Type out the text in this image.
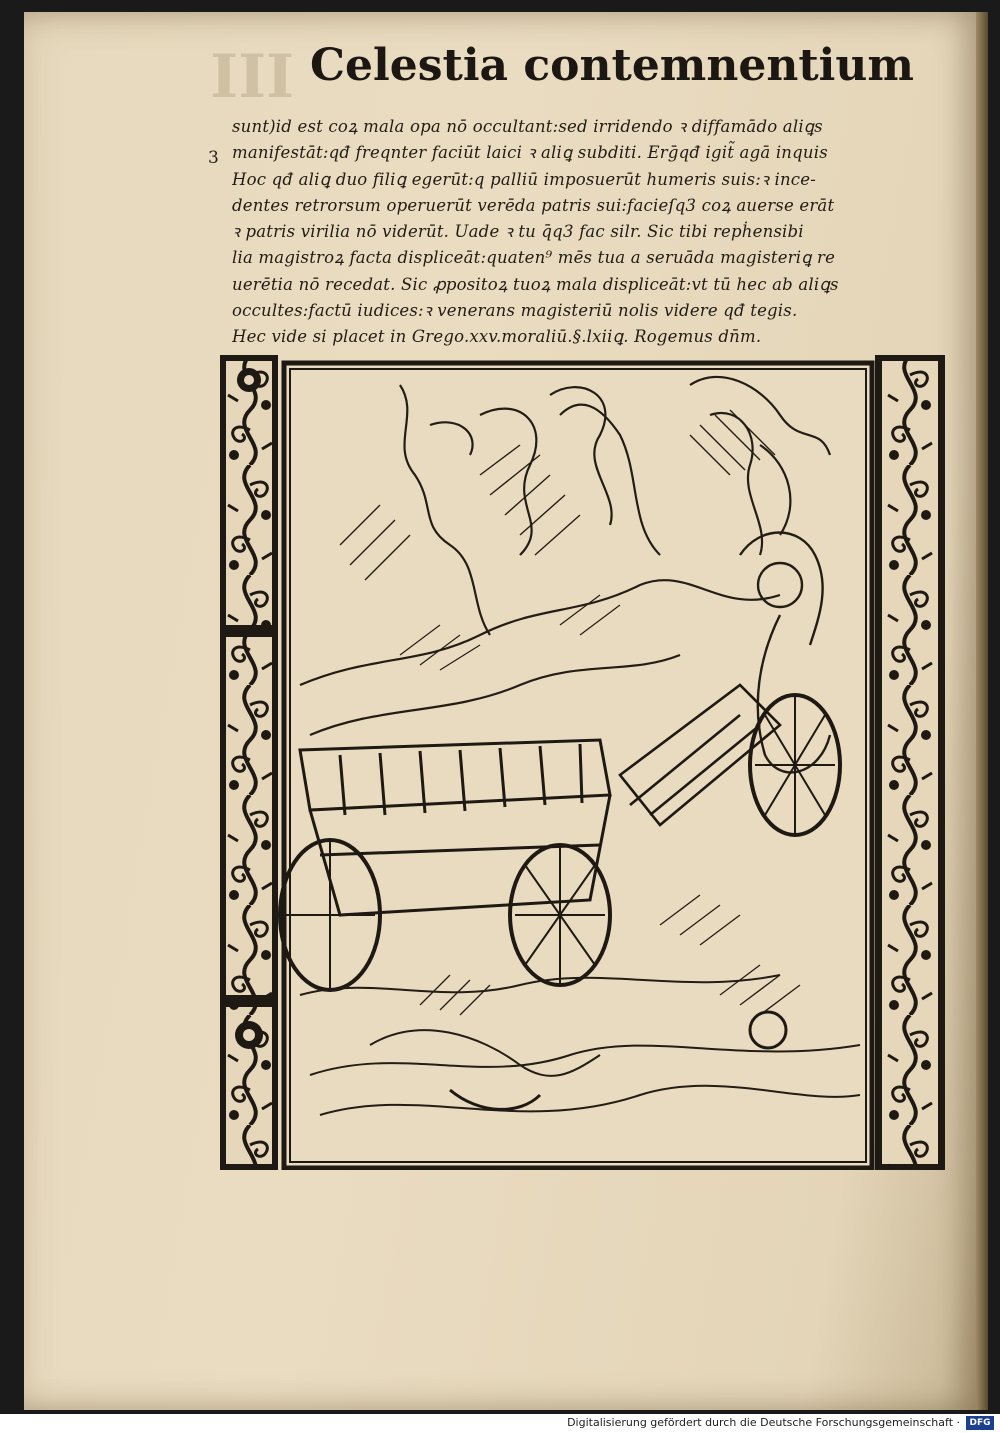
III Celestia contemnentium
3
sunt)id est coꝝ mala opa nō occultant:sed irridendo ꝛ diffamādo aliꝗs
manifestāt:qđ freqnter faciūt laici ꝛ aliꝗ subditi. Erḡqđ igit̃ agā inquis
Hoc qđ aliꝗ duo filiꝗ egerūt:q palliū imposuerūt humeris suis:ꝛ ince-
dentes retrorsum operuerūt verēda patris sui:facieſq3 coꝝ auerse erāt
ꝛ patris virilia nō viderūt. Uade ꝛ tu q̄q3 fac silr. Sic tibi repḣensibi
lia magistroꝝ facta displiceāt:quaten⁹ mēs tua a seruāda magisteriꝗ re
uerētia nō recedat. Sic ꝓpositoꝝ tuoꝝ mala displiceāt:vt tū hec ab aliꝗs
occultes:factū iudices:ꝛ venerans magisteriū nolis videre qđ tegis.
Hec vide si placet in Grego.xxv.moraliū.§.lxiiꝗ. Rogemus dn̄m.
Digitalisierung gefördert durch die Deutsche Forschungsgemeinschaft ·	DFG
